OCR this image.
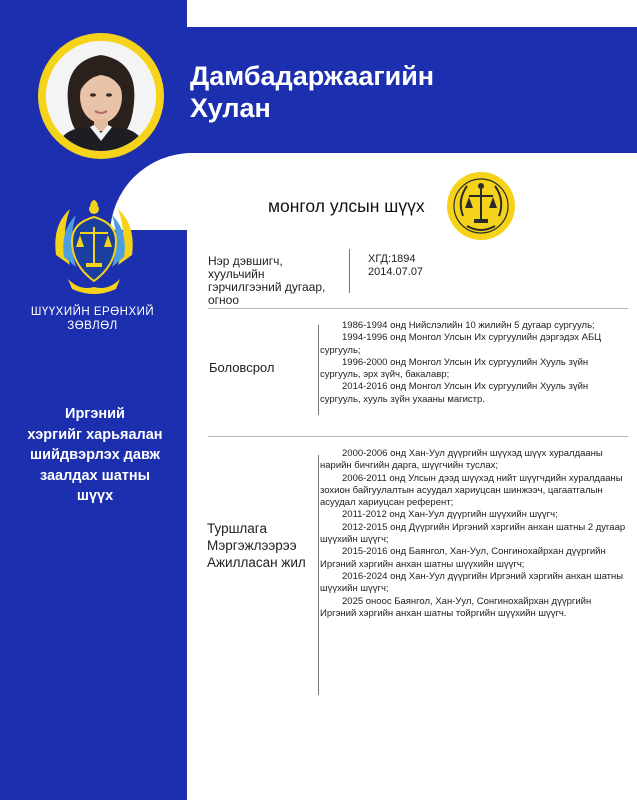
Дамбадаржаагийн
Хулан
ШҮҮХИЙН ЕРӨНХИЙ
ЗӨВЛӨЛ
Иргэний
хэргийг харьяалан
шийдвэрлэх давж
заалдах шатны
шүүх
монгол улсын шүүх
Нэр дэвшигч,
хуульчийн
гэрчилгээний дугаар,
огноо
ХГД:1894
2014.07.07
Боловсрол

1986-1994 онд Нийслэлийн 10 жилийн 5 дугаар сургууль;

1994-1996 онд Монгол Улсын Их сургуулийн дэргэдэх АБЦ сургууль;

1996-2000 онд Монгол Улсын Их сургуулийн Хууль зүйн сургууль, эрх зүйч, бакалавр;

2014-2016 онд Монгол Улсын Их сургуулийн Хууль зүйн сургууль, хууль зүйн ухааны магистр.

Туршлага
Мэргэжлээрээ
Ажилласан жил

2000-2006 онд Хан-Уул дүүргийн шүүхэд шүүх хуралдааны нарийн бичгийн дарга, шүүгчийн туслах;

2006-2011 онд Улсын дээд шүүхэд нийт шүүгчдийн хуралдааны зохион байгуулалтын асуудал хариуцсан шинжээч, цагаатгалын асуудал хариуцсан референт;

2011-2012 онд Хан-Уул дүүргийн шүүхийн шүүгч;

2012-2015 онд Дүүргийн Иргэний хэргийн анхан шатны 2 дугаар шүүхийн шүүгч;

2015-2016 онд Баянгол, Хан-Уул, Сонгинохайрхан дүүргийн Иргэний хэргийн анхан шатны шүүхийн шүүгч;

2016-2024 онд Хан-Уул дүүргийн Иргэний хэргийн анхан шатны шүүхийн шүүгч;

2025 оноос Баянгол, Хан-Уул, Сонгинохайрхан дүүргийн Иргэний хэргийн анхан шатны тойргийн шүүхийн шүүгч.
